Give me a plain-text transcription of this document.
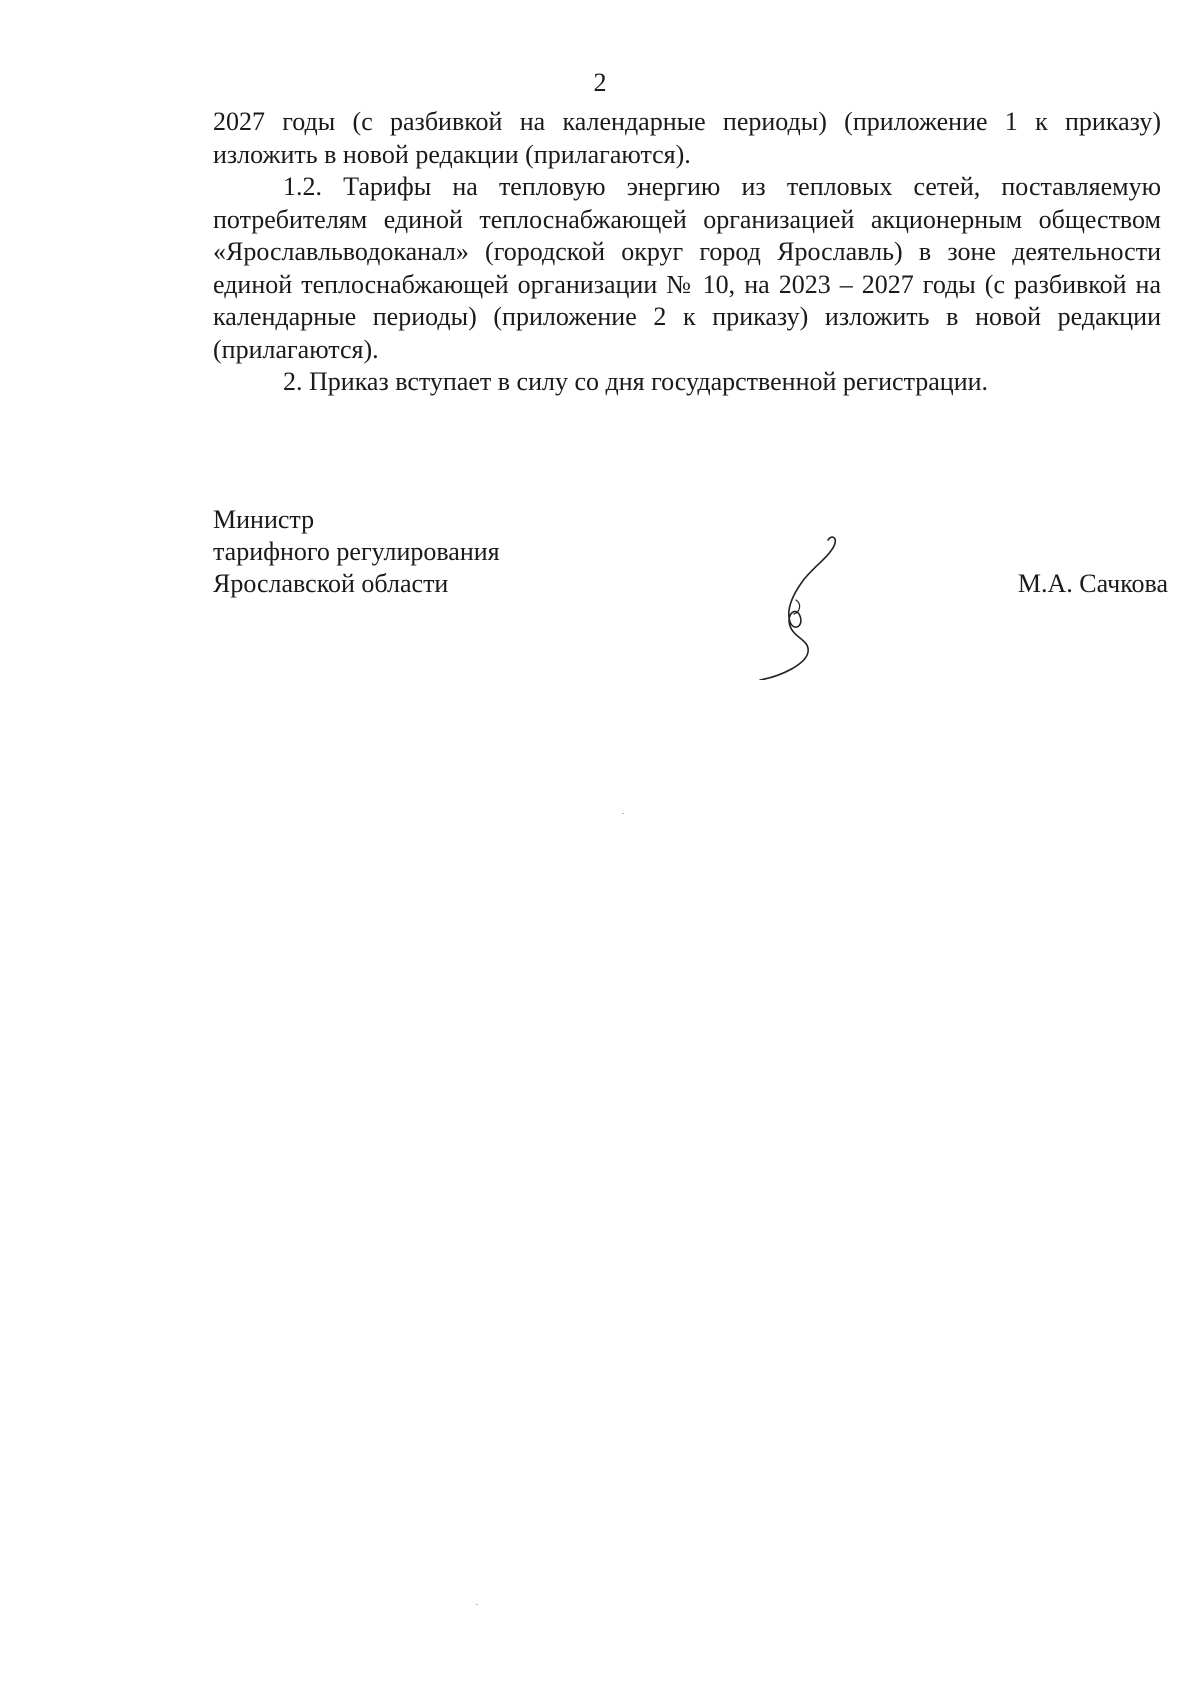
2

2027 годы (с разбивкой на календарные периоды) (приложение 1 к приказу) изложить в новой редакции (прилагаются).

1.2. Тарифы на тепловую энергию из тепловых сетей, поставляемую потребителям единой теплоснабжающей организацией акционерным обществом «Ярославльводоканал» (городской округ город Ярославль) в зоне деятельности единой теплоснабжающей организации № 10, на 2023 – 2027 годы (с разбивкой на календарные периоды) (приложение 2 к приказу) изложить в новой редакции (прилагаются).

2. Приказ вступает в силу со дня государственной регистрации.

Министр
тарифного регулирования
Ярославской области	М.А. Сачкова
